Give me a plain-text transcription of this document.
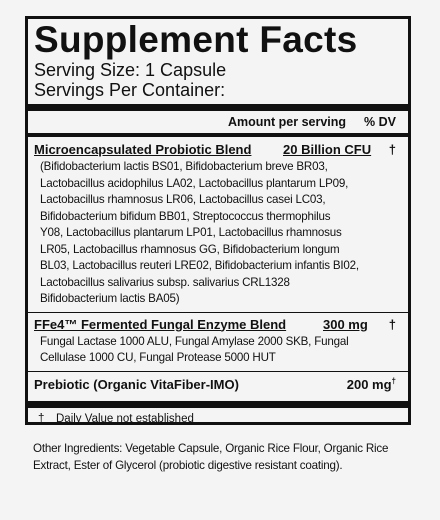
Supplement Facts
Serving Size: 1 Capsule
Servings Per Container:
Amount per serving % DV
Microencapsulated Probiotic Blend 20 Billion CFU †
(Bifidobacterium lactis BS01, Bifidobacterium breve BR03,
Lactobacillus acidophilus LA02, Lactobacillus plantarum LP09,
Lactobacillus rhamnosus LR06, Lactobacillus casei LC03,
Bifidobacterium bifidum BB01, Streptococcus thermophilus
Y08, Lactobacillus plantarum LP01, Lactobacillus rhamnosus
LR05, Lactobacillus rhamnosus GG, Bifidobacterium longum
BL03, Lactobacillus reuteri LRE02, Bifidobacterium infantis BI02,
Lactobacillus salivarius subsp. salivarius CRL1328
Bifidobacterium lactis BA05)
FFe4™ Fermented Fungal Enzyme Blend	300 mg †
Fungal Lactase 1000 ALU, Fungal Amylase 2000 SKB, Fungal
Cellulase 1000 CU, Fungal Protease 5000 HUT
Prebiotic (Organic VitaFiber-IMO)	200 mg†
† Daily Value not established
Other Ingredients: Vegetable Capsule, Organic Rice Flour, Organic Rice
Extract, Ester of Glycerol (probiotic digestive resistant coating).
